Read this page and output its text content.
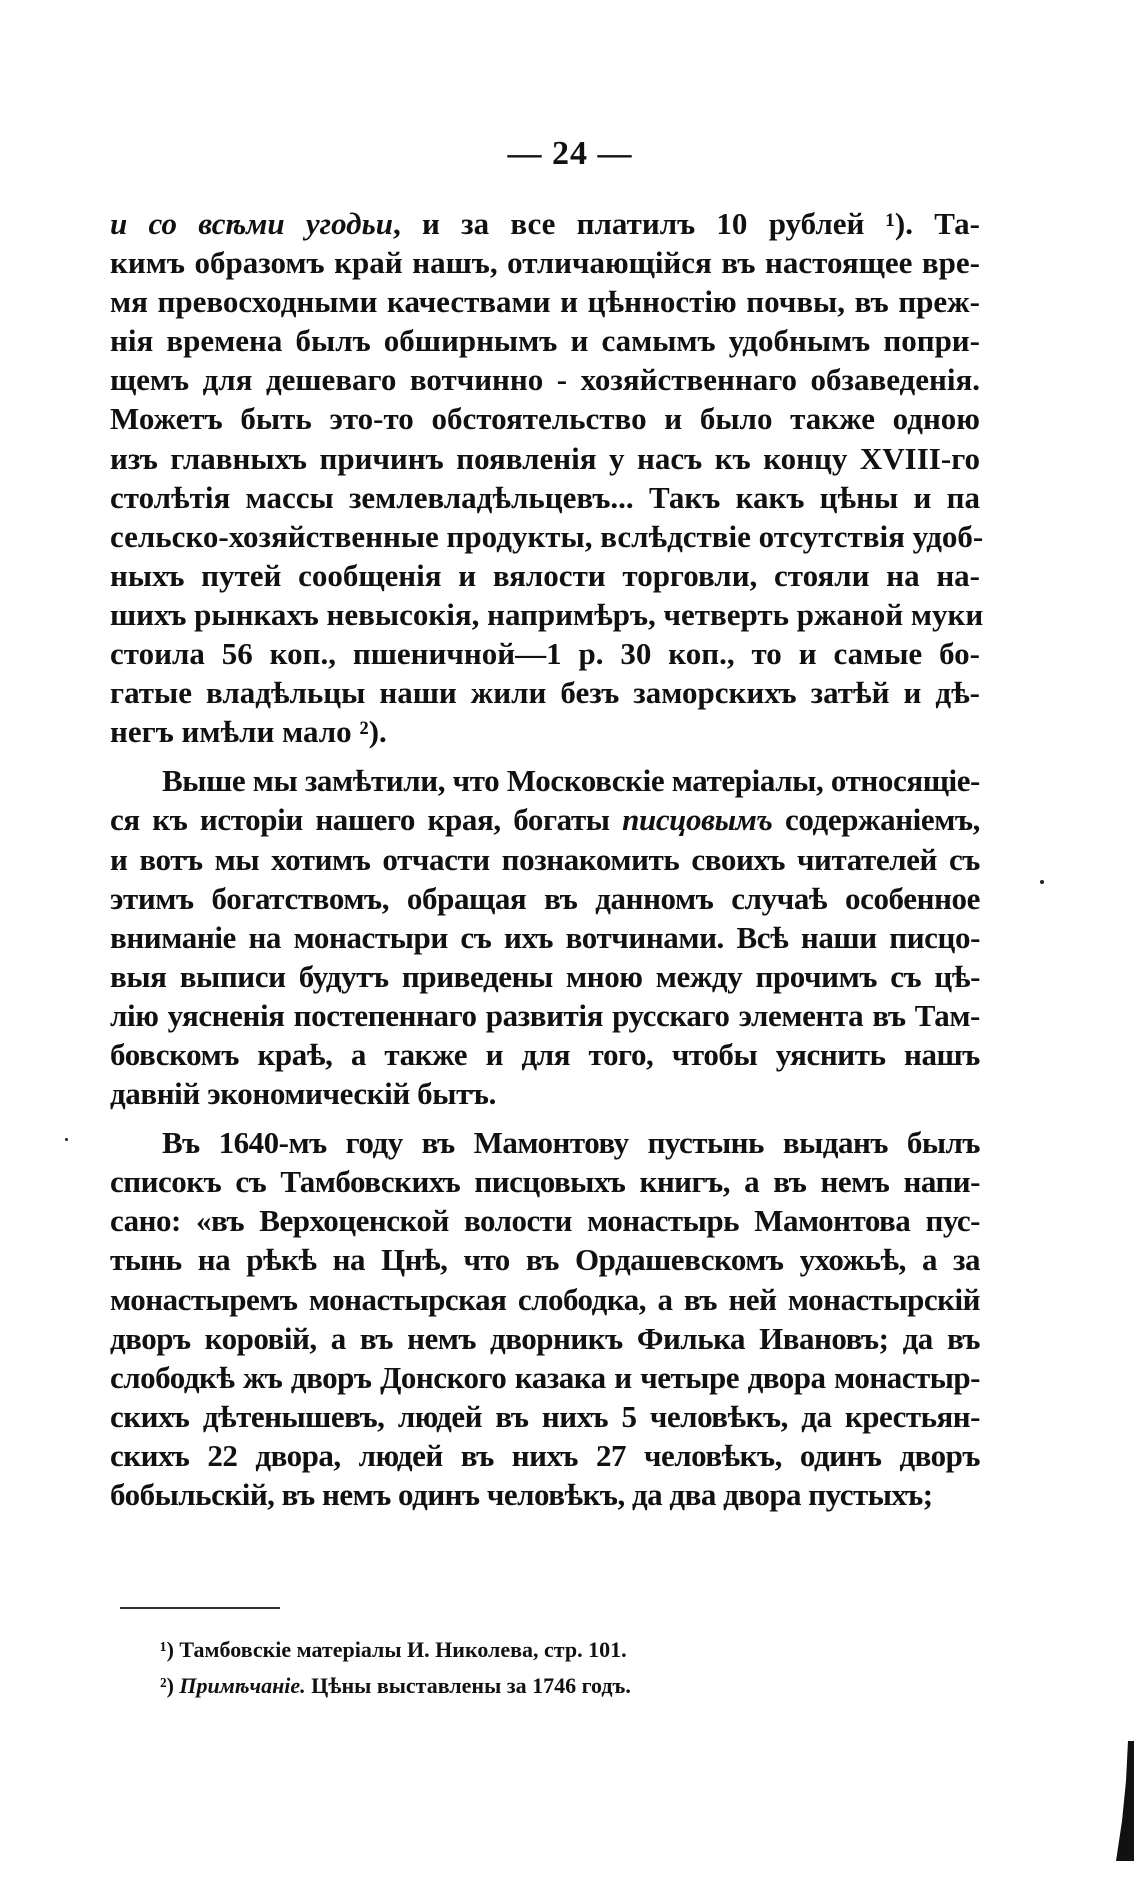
— 24 —
и со всѣми угодьи, и за все платилъ 10 рублей ¹). Та-
кимъ образомъ край нашъ, отличающійся въ настоящее вре-
мя превосходными качествами и цѣнностію почвы, въ преж-
нія времена былъ обширнымъ и самымъ удобнымъ попри-
щемъ для дешеваго вотчинно - хозяйственнаго обзаведенія.
Можетъ быть это-то обстоятельство и было также одною
изъ главныхъ причинъ появленія у насъ къ концу XVIII-го
столѣтія массы землевладѣльцевъ... Такъ какъ цѣны и па
сельско-хозяйственные продукты, вслѣдствіе отсутствія удоб-
ныхъ путей сообщенія и вялости торговли, стояли на на-
шихъ рынкахъ невысокія, напримѣръ, четверть ржаной муки
стоила 56 коп., пшеничной—1 р. 30 коп., то и самые бо-
гатые владѣльцы наши жили безъ заморскихъ затѣй и дѣ-
негъ имѣли мало ²).
Выше мы замѣтили, что Московскіе матеріалы, относящіе-
ся къ исторіи нашего края, богаты писцовымъ содержаніемъ,
и вотъ мы хотимъ отчасти познакомить своихъ читателей съ
этимъ богатствомъ, обращая въ данномъ случаѣ особенное
вниманіе на монастыри съ ихъ вотчинами. Всѣ наши писцо-
выя выписи будутъ приведены мною между прочимъ съ цѣ-
лію уясненія постепеннаго развитія русскаго элемента въ Там-
бовскомъ краѣ, а также и для того, чтобы уяснить нашъ
давній экономическій бытъ.
Въ 1640-мъ году въ Мамонтову пустынь выданъ былъ
списокъ съ Тамбовскихъ писцовыхъ книгъ, а въ немъ напи-
сано: «въ Верхоценской волости монастырь Мамонтова пус-
тынь на рѣкѣ на Цнѣ, что въ Ордашевскомъ ухожьѣ, а за
монастыремъ монастырская слободка, а въ ней монастырскій
дворъ коровій, а въ немъ дворникъ Филька Ивановъ; да въ
слободкѣ жъ дворъ Донского казака и четыре двора монастыр-
скихъ дѣтенышевъ, людей въ нихъ 5 человѣкъ, да крестьян-
скихъ 22 двора, людей въ нихъ 27 человѣкъ, одинъ дворъ
бобыльскій, въ немъ одинъ человѣкъ, да два двора пустыхъ;
¹) Тамбовскіе матеріалы И. Николева, стр. 101.
²) Примѣчаніе. Цѣны выставлены за 1746 годъ.
